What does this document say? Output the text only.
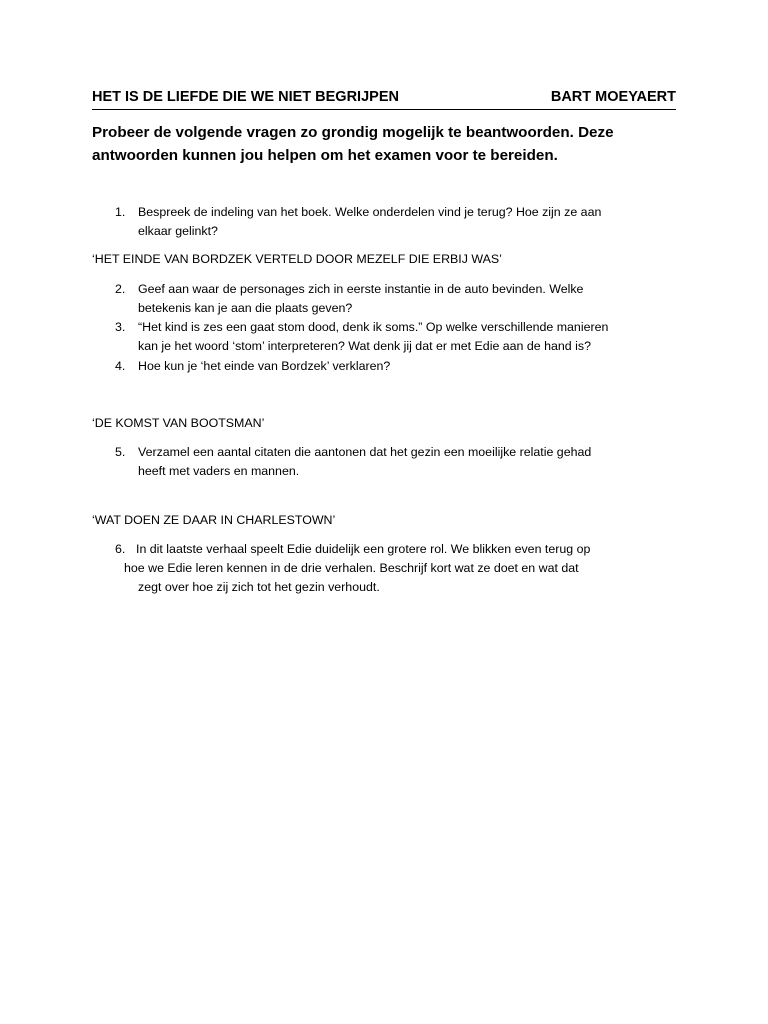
HET IS DE LIEFDE DIE WE NIET BEGRIJPEN	BART MOEYAERT
Probeer de volgende vragen zo grondig mogelijk te beantwoorden. Deze
antwoorden kunnen jou helpen om het examen voor te bereiden.
1. Bespreek de indeling van het boek. Welke onderdelen vind je terug? Hoe zijn ze aan
elkaar gelinkt?
‘HET EINDE VAN BORDZEK VERTELD DOOR MEZELF DIE ERBIJ WAS’
2. Geef aan waar de personages zich in eerste instantie in de auto bevinden. Welke
betekenis kan je aan die plaats geven?
3. “Het kind is zes een gaat stom dood, denk ik soms.” Op welke verschillende manieren
kan je het woord ‘stom’ interpreteren? Wat denk jij dat er met Edie aan de hand is?
4. Hoe kun je ‘het einde van Bordzek’ verklaren?
‘DE KOMST VAN BOOTSMAN’
5. Verzamel een aantal citaten die aantonen dat het gezin een moeilijke relatie gehad
heeft met vaders en mannen.
‘WAT DOEN ZE DAAR IN CHARLESTOWN’
6. In dit laatste verhaal speelt Edie duidelijk een grotere rol. We blikken even terug op
hoe we Edie leren kennen in de drie verhalen. Beschrijf kort wat ze doet en wat dat
zegt over hoe zij zich tot het gezin verhoudt.
